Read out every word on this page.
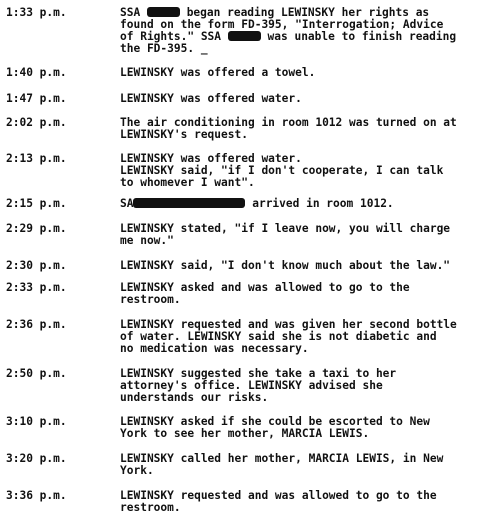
1:33 p.m.	SSA	began reading LEWINSKY her rights as
found on the form FD-395, "Interrogation; Advice
of Rights." SSA	was unable to finish reading
the FD-395. _
1:40 p.m.	LEWINSKY was offered a towel.
1:47 p.m.	LEWINSKY was offered water.
2:02 p.m.	The air conditioning in room 1012 was turned on at
LEWINSKY's request.
2:13 p.m.	LEWINSKY was offered water.
LEWINSKY said, "if I don't cooperate, I can talk
to whomever I want".
2:15 p.m.	SA	arrived in room 1012.
2:29 p.m.	LEWINSKY stated, "if I leave now, you will charge
me now."
2:30 p.m.	LEWINSKY said, "I don't know much about the law."
2:33 p.m.	LEWINSKY asked and was allowed to go to the
restroom.
2:36 p.m.	LEWINSKY requested and was given her second bottle
of water. LEWINSKY said she is not diabetic and
no medication was necessary.
2:50 p.m.	LEWINSKY suggested she take a taxi to her
attorney's office. LEWINSKY advised she
understands our risks.
3:10 p.m.	LEWINSKY asked if she could be escorted to New
York to see her mother, MARCIA LEWIS.
3:20 p.m.	LEWINSKY called her mother, MARCIA LEWIS, in New
York.
3:36 p.m.	LEWINSKY requested and was allowed to go to the
restroom.
